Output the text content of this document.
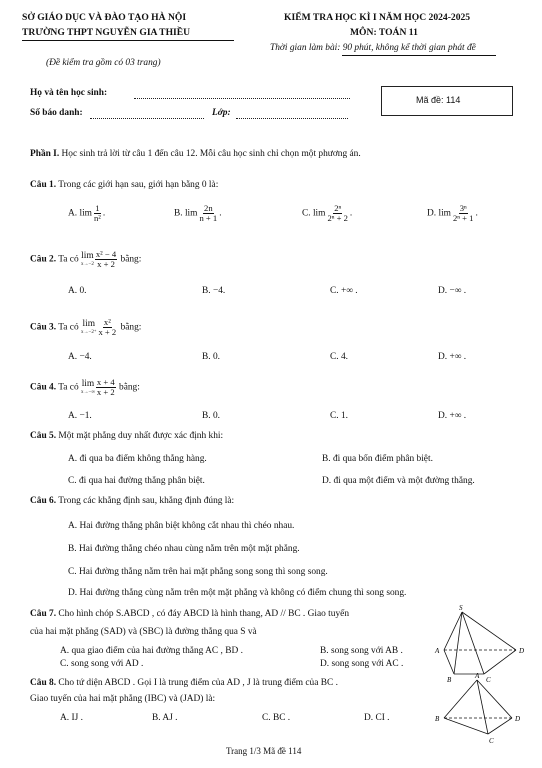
SỞ GIÁO DỤC VÀ ĐÀO TẠO HÀ NỘI
TRƯỜNG THPT NGUYỄN GIA THIỀU
(Đề kiểm tra gồm có 03 trang)
KIỂM TRA HỌC KÌ I NĂM HỌC 2024-2025
MÔN: TOÁN 11
Thời gian làm bài: 90 phút, không kể thời gian phát đề
Họ và tên học sinh:
Số báo danh:	Lớp:
Mã đề: 114
Phần I. Học sinh trả lời từ câu 1 đến câu 12. Mỗi câu học sinh chỉ chọn một phương án.
Câu 1. Trong các giới hạn sau, giới hạn bằng 0 là:
A. $\lim \frac{1}{\text{n²}}$ .	B. $\lim \frac{2n}{n + 1}$ .	C. $\lim \frac{\text{2ⁿ}}{\text{2ⁿ + 2}}$ .	D. $\lim \frac{\text{3ⁿ}}{\text{2ⁿ + 1}}$ .
Câu 2. Ta có lim
$x\to-2 \frac{\text{x² − 4}}{x + 2}$ bằng:
A. 0.	B. −4.	C. +∞ .	D. −∞ .
Câu 3. Ta có lim
$x\to-2^+ \frac{\text{x²}}{x + 2}$ bằng:
A. −4.	B. 0.	C. 4.	D. +∞ .
Câu 4. Ta có lim
$x\to-\infty \frac{x + 4}{x + 2}$ bằng:
A. −1.	B. 0.	C. 1.	D. +∞ .
Câu 5. Một mặt phẳng duy nhất được xác định khi:
A. đi qua ba điểm không thẳng hàng.	B. đi qua bốn điểm phân biệt.
C. đi qua hai đường thẳng phân biệt.	D. đi qua một điểm và một đường thẳng.
Câu 6. Trong các khẳng định sau, khẳng định đúng là:
A. Hai đường thẳng phân biệt không cắt nhau thì chéo nhau.
B. Hai đường thẳng chéo nhau cùng nằm trên một mặt phẳng.
C. Hai đường thẳng nằm trên hai mặt phẳng song song thì song song.
D. Hai đường thẳng cùng nằm trên một mặt phẳng và không có điểm chung thì song song.
Câu 7. Cho hình chóp S.ABCD , có đáy ABCD là hình thang, AD // BC . Giao tuyến
của hai mặt phẳng (SAD) và (SBC) là đường thẳng qua S và
A. qua giao điểm của hai đường thẳng AC , BD .	B. song song với AB .
C. song song với AD .	D. song song với AC .
S
A
B	C
D
Câu 8. Cho tứ diện ABCD . Gọi I là trung điểm của AD , J là trung điểm của BC .
Giao tuyến của hai mặt phẳng (IBC) và (JAD) là:
A. IJ .	B. AJ .	C. BC .	D. CI .
A
B
C
D
Trang 1/3 Mã đề 114
